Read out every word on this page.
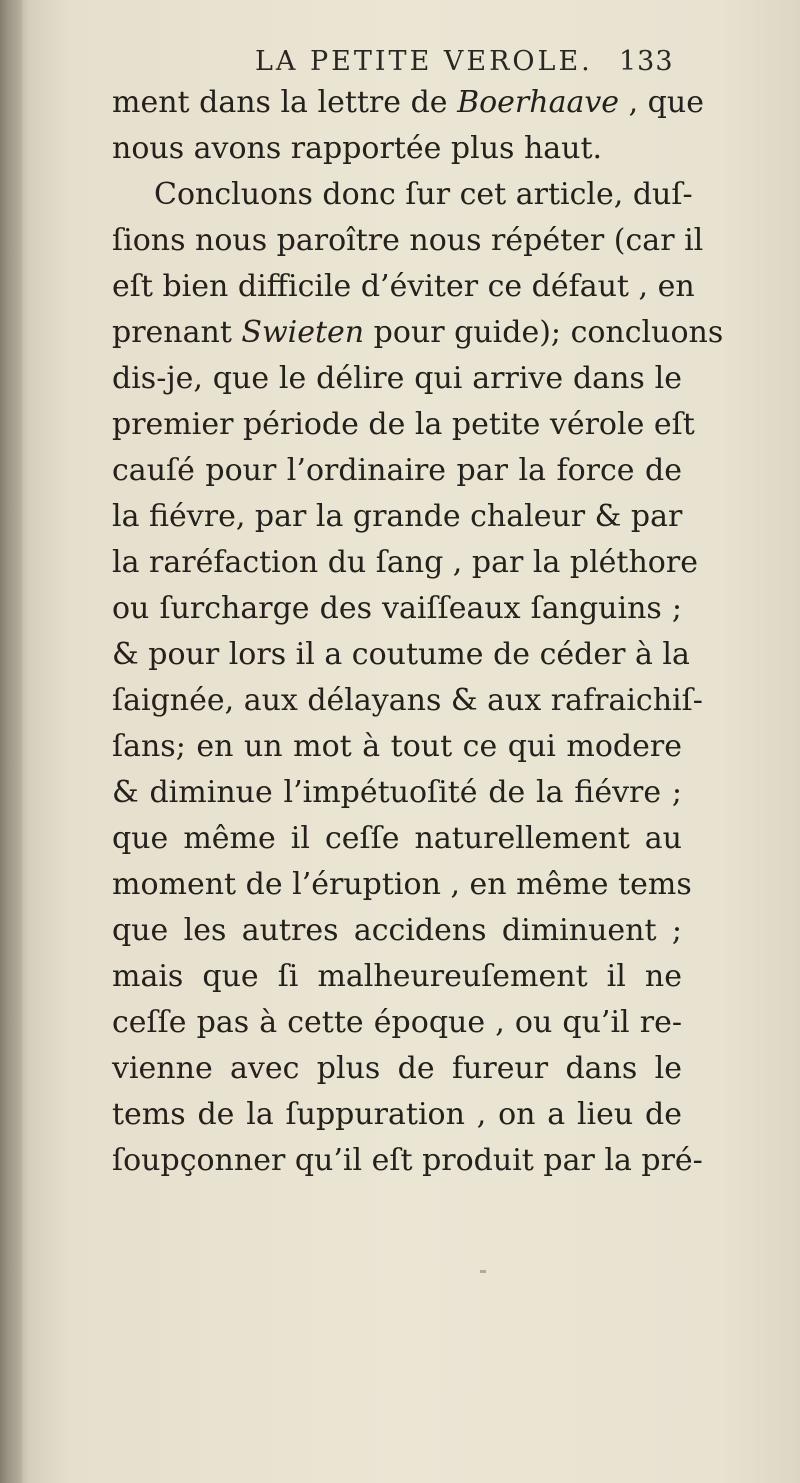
LA PETITE VEROLE. 133
ment dans la lettre de Boerhaave , que
nous avons rapportée plus haut.
Concluons donc ſur cet article, duſ-
ſions nous paroître nous répéter (car il
eſt bien difficile d’éviter ce défaut , en
prenant Swieten pour guide); concluons
dis-je, que le délire qui arrive dans le
premier période de la petite vérole eſt
cauſé pour l’ordinaire par la force de
la fiévre, par la grande chaleur & par
la raréfaction du ſang , par la pléthore
ou ſurcharge des vaiſſeaux ſanguins ;
& pour lors il a coutume de céder à la
ſaignée, aux délayans & aux rafraichiſ-
ſans; en un mot à tout ce qui modere
& diminue l’impétuoſité de la fiévre ;
que même il ceſſe naturellement au
moment de l’éruption , en même tems
que les autres accidens diminuent ;
mais que ſi malheureuſement il ne
ceſſe pas à cette époque , ou qu’il re-
vienne avec plus de fureur dans le
tems de la ſuppuration , on a lieu de
ſoupçonner qu’il eſt produit par la pré-
